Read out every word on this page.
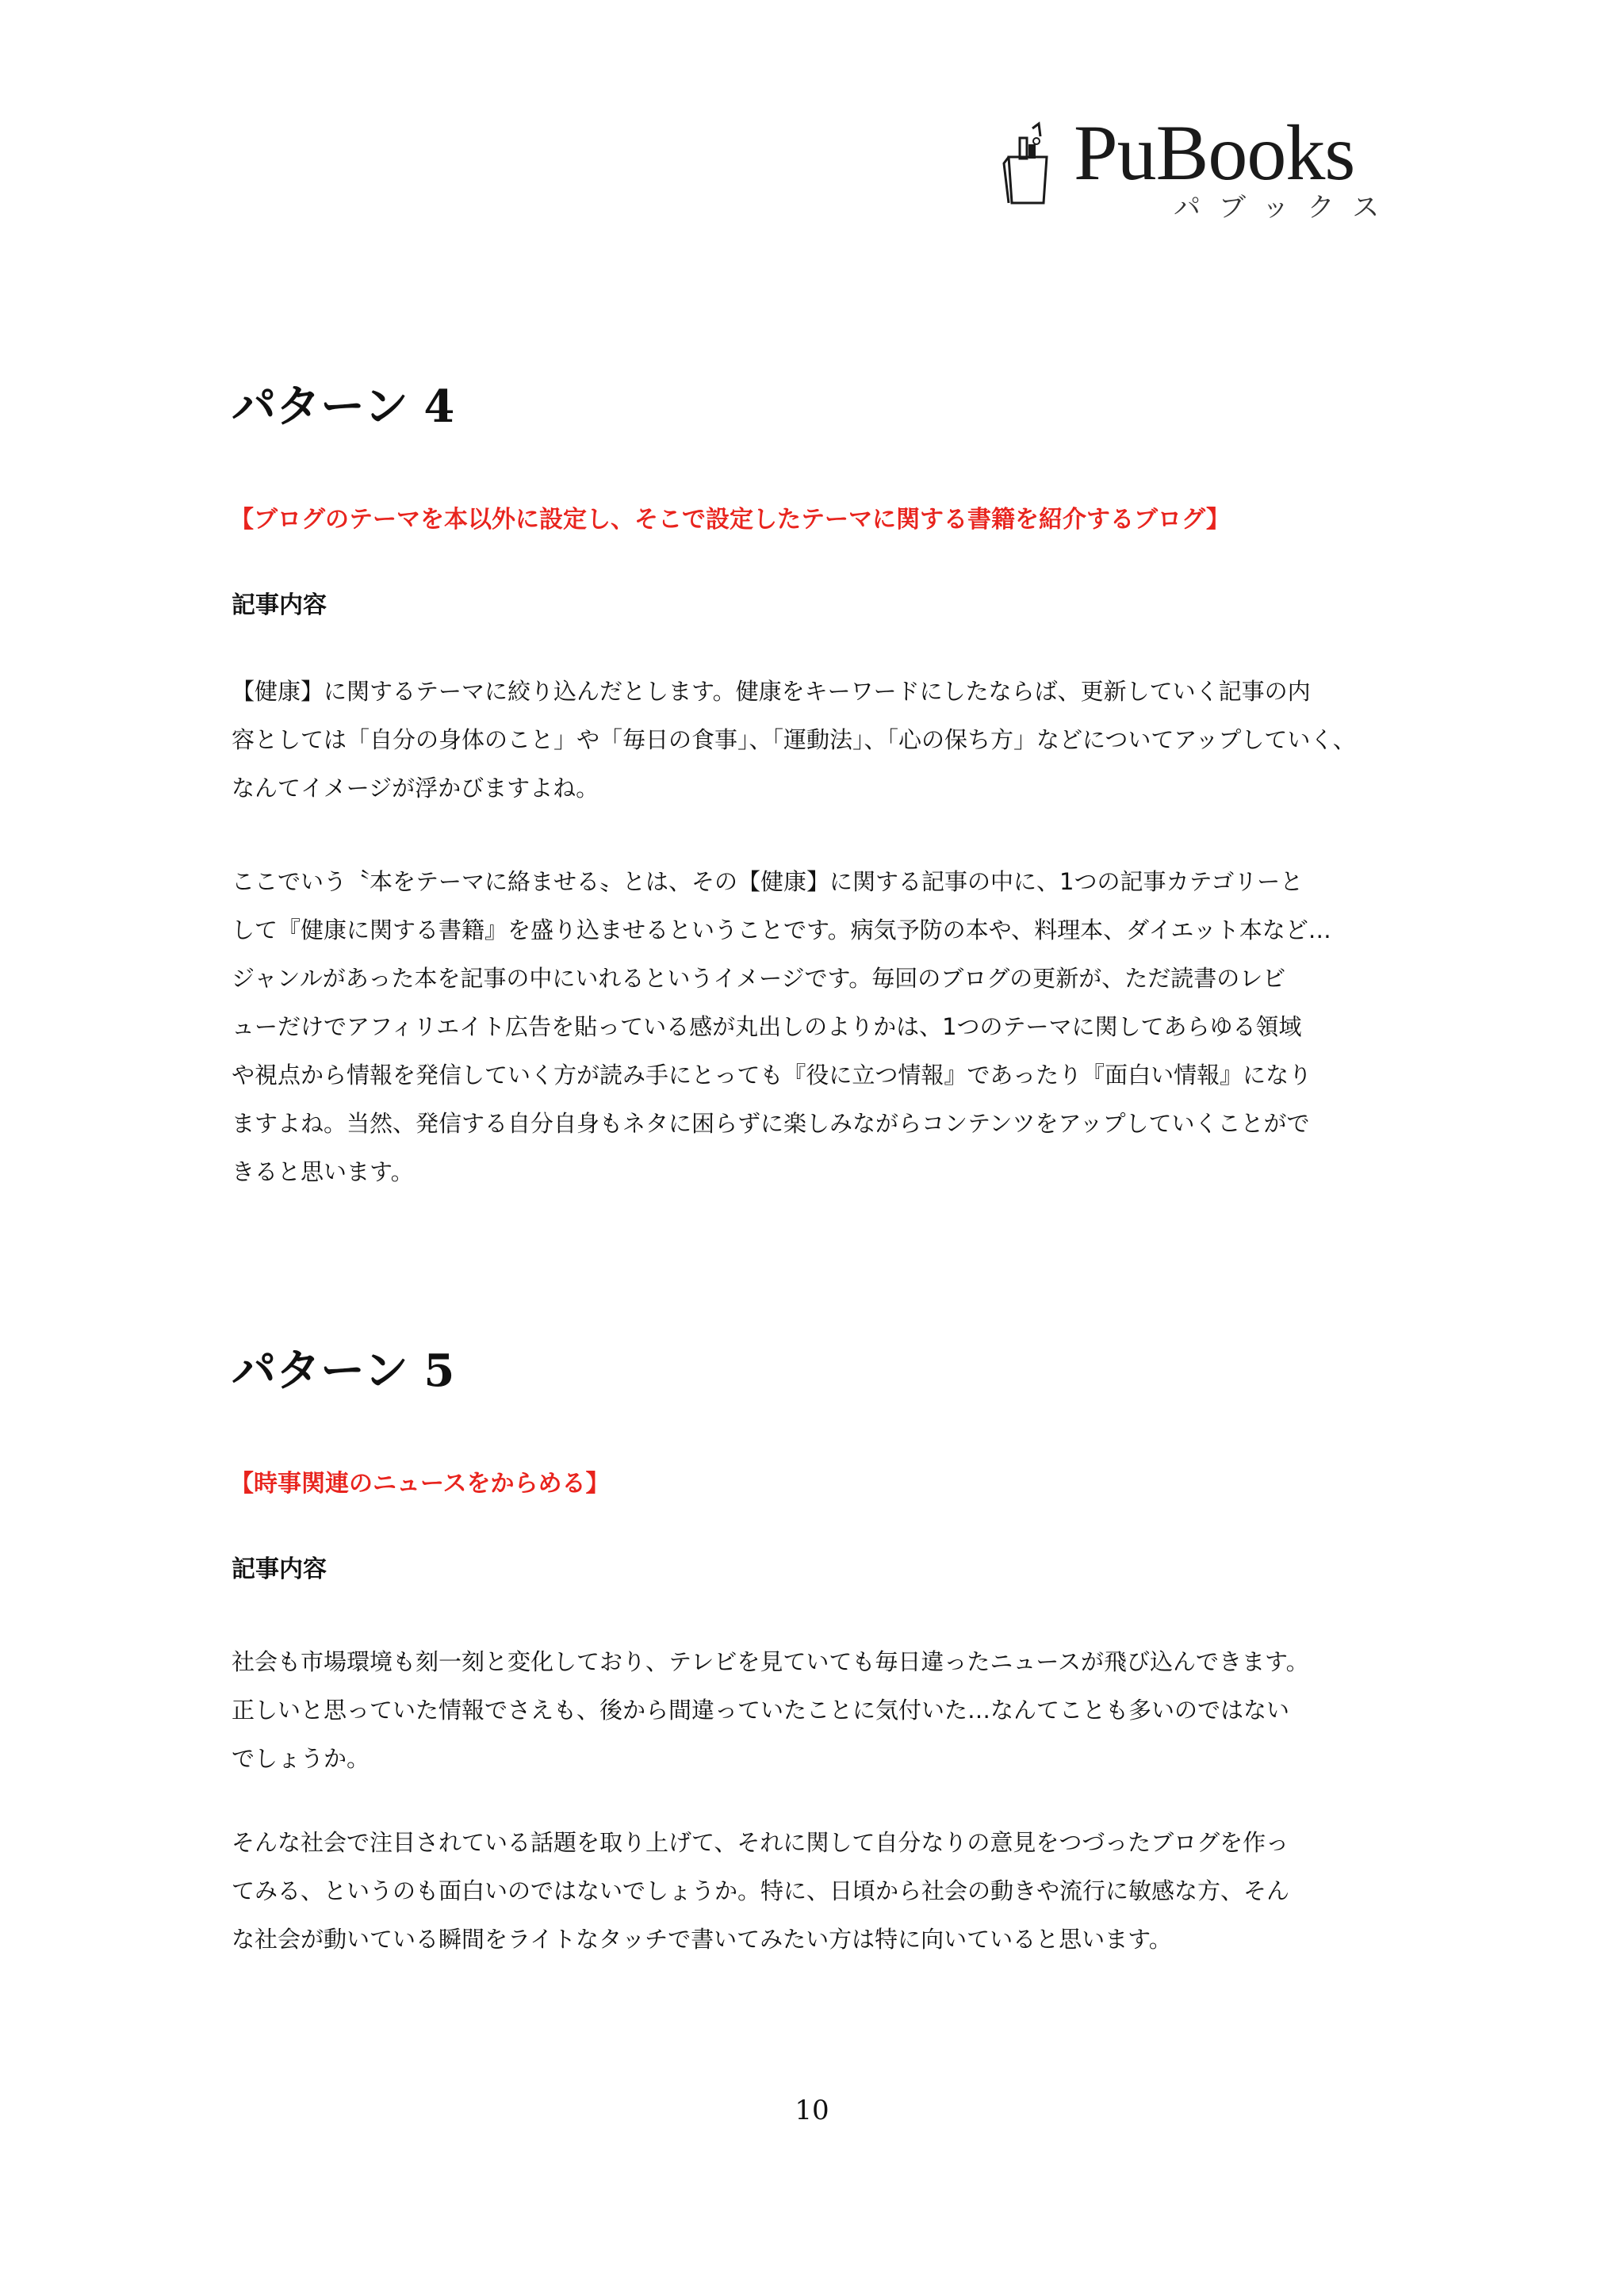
PuBooks
パブックス
パターン 4
【ブログのテーマを本以外に設定し、そこで設定したテーマに関する書籍を紹介するブログ】
記事内容
【健康】に関するテーマに絞り込んだとします。健康をキーワードにしたならば、更新していく記事の内
容としては「自分の身体のこと」や「毎日の食事」、「運動法」、「心の保ち方」などについてアップしていく、
なんてイメージが浮かびますよね。
ここでいう〝本をテーマに絡ませる〟とは、その【健康】に関する記事の中に、1つの記事カテゴリーと
して『健康に関する書籍』を盛り込ませるということです。病気予防の本や、料理本、ダイエット本など…
ジャンルがあった本を記事の中にいれるというイメージです。毎回のブログの更新が、ただ読書のレビ
ューだけでアフィリエイト広告を貼っている感が丸出しのよりかは、1つのテーマに関してあらゆる領域
や視点から情報を発信していく方が読み手にとっても『役に立つ情報』であったり『面白い情報』になり
ますよね。当然、発信する自分自身もネタに困らずに楽しみながらコンテンツをアップしていくことがで
きると思います。
パターン 5
【時事関連のニュースをからめる】
記事内容
社会も市場環境も刻一刻と変化しており、テレビを見ていても毎日違ったニュースが飛び込んできます。
正しいと思っていた情報でさえも、後から間違っていたことに気付いた…なんてことも多いのではない
でしょうか。
そんな社会で注目されている話題を取り上げて、それに関して自分なりの意見をつづったブログを作っ
てみる、というのも面白いのではないでしょうか。特に、日頃から社会の動きや流行に敏感な方、そん
な社会が動いている瞬間をライトなタッチで書いてみたい方は特に向いていると思います。
10
